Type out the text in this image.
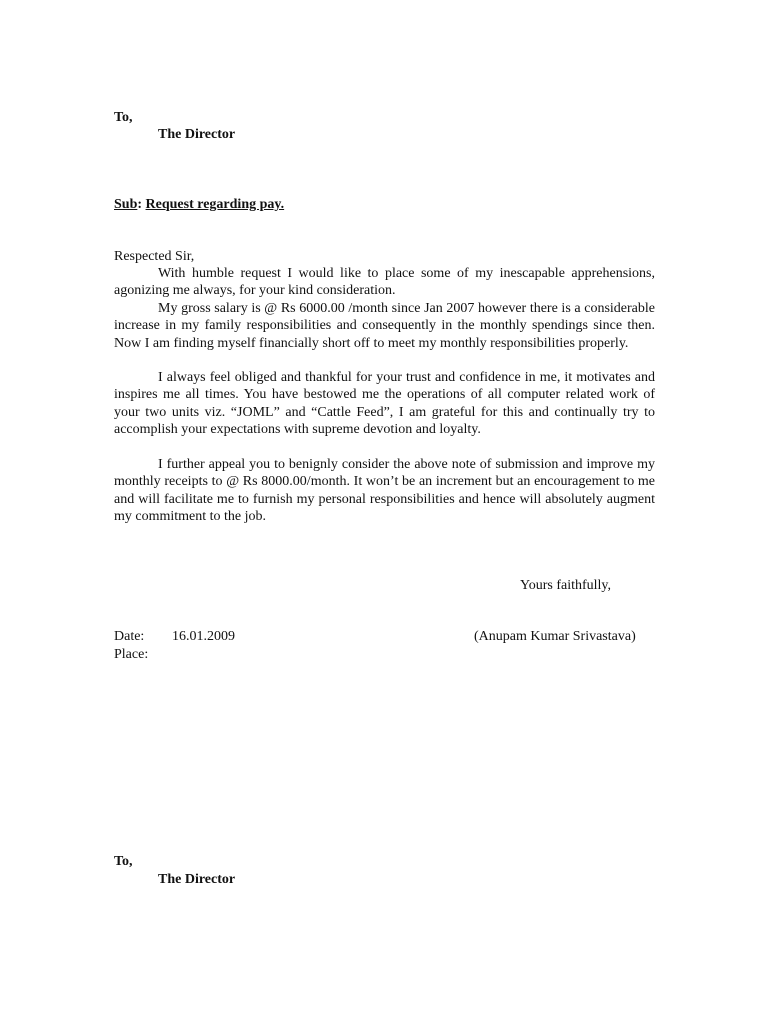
To,
The Director
Sub: Request regarding pay.
Respected Sir,

With humble request I would like to place some of my inescapable apprehensions, agonizing me always, for your kind consideration.

My gross salary is @ Rs 6000.00 /month since Jan 2007 however there is a considerable increase in my family responsibilities and consequently in the monthly spendings since then. Now I am finding myself financially short off to meet my monthly responsibilities properly.

I always feel obliged and thankful for your trust and confidence in me, it motivates and inspires me all times. You have bestowed me the operations of all computer related work of your two units viz. “JOML” and “Cattle Feed”, I am grateful for this and continually try to accomplish your expectations with supreme devotion and loyalty.

I further appeal you to benignly consider the above note of submission and improve my monthly receipts to @ Rs 8000.00/month. It won’t be an increment but an encouragement to me and will facilitate me to furnish my personal responsibilities and hence will absolutely augment my commitment to the job.

Yours faithfully,
Date: 16.01.2009	(Anupam Kumar Srivastava)
Place:
To,
The Director
